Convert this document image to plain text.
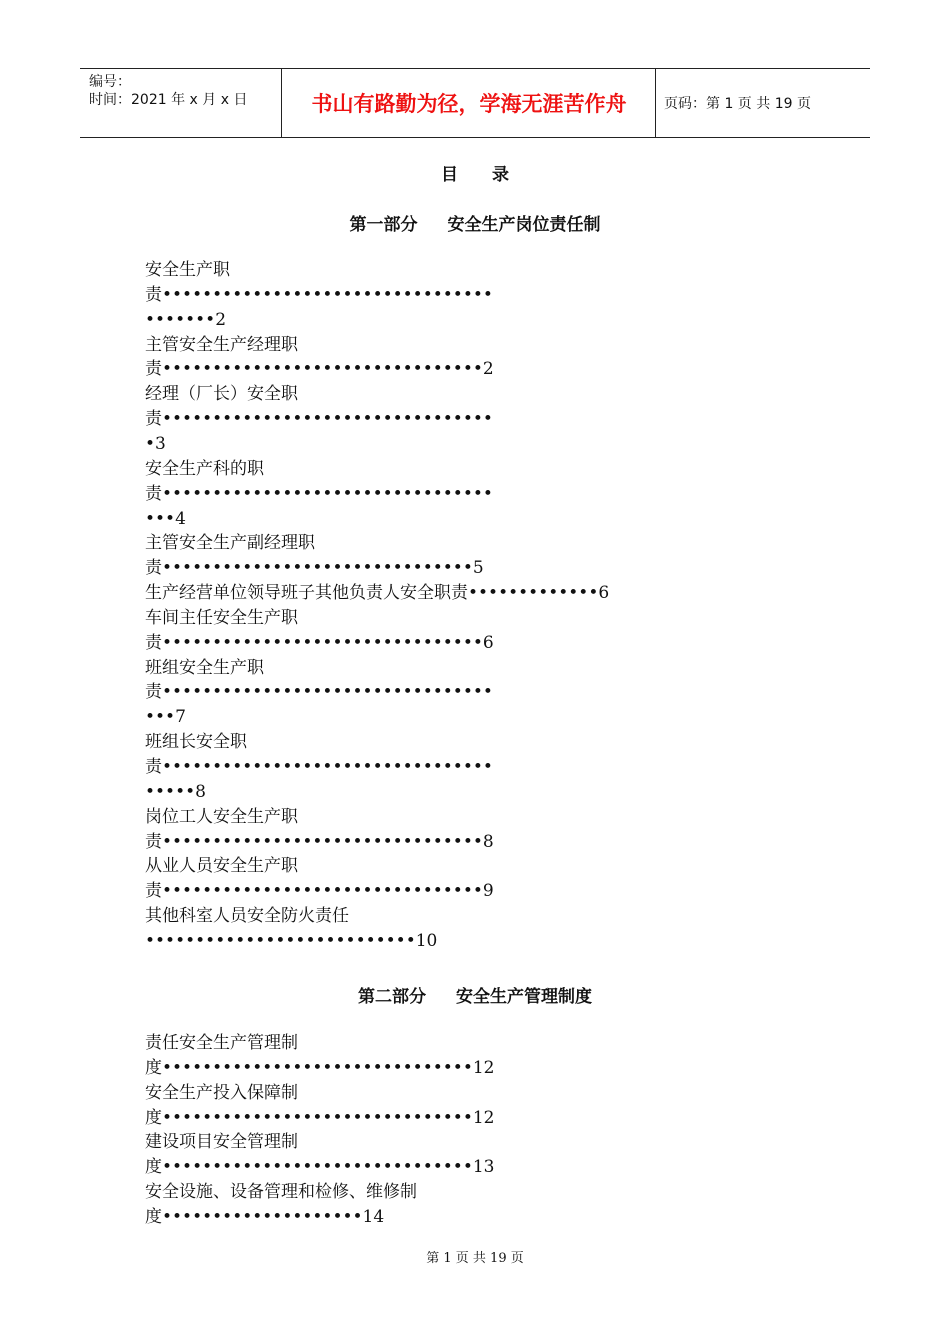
编号：
时间：2021 年 x 月 x 日	书山有路勤为径，学海无涯苦作舟	页码：第 1 页 共 19 页
目　　录
第一部分 安全生产岗位责任制
安全生产职
责•••••••••••••••••••••••••••••••••
•••••••2
主管安全生产经理职
责••••••••••••••••••••••••••••••••2
经理（厂长）安全职
责•••••••••••••••••••••••••••••••••
•3
安全生产科的职
责•••••••••••••••••••••••••••••••••
•••4
主管安全生产副经理职
责•••••••••••••••••••••••••••••••5
生产经营单位领导班子其他负责人安全职责•••••••••••••6
车间主任安全生产职
责••••••••••••••••••••••••••••••••6
班组安全生产职
责•••••••••••••••••••••••••••••••••
•••7
班组长安全职
责•••••••••••••••••••••••••••••••••
•••••8
岗位工人安全生产职
责••••••••••••••••••••••••••••••••8
从业人员安全生产职
责••••••••••••••••••••••••••••••••9
其他科室人员安全防火责任
•••••••••••••••••••••••••••10
第二部分 安全生产管理制度
责任安全生产管理制
度•••••••••••••••••••••••••••••••12
安全生产投入保障制
度•••••••••••••••••••••••••••••••12
建设项目安全管理制
度•••••••••••••••••••••••••••••••13
安全设施、设备管理和检修、维修制
度••••••••••••••••••••14
第 1 页 共 19 页
